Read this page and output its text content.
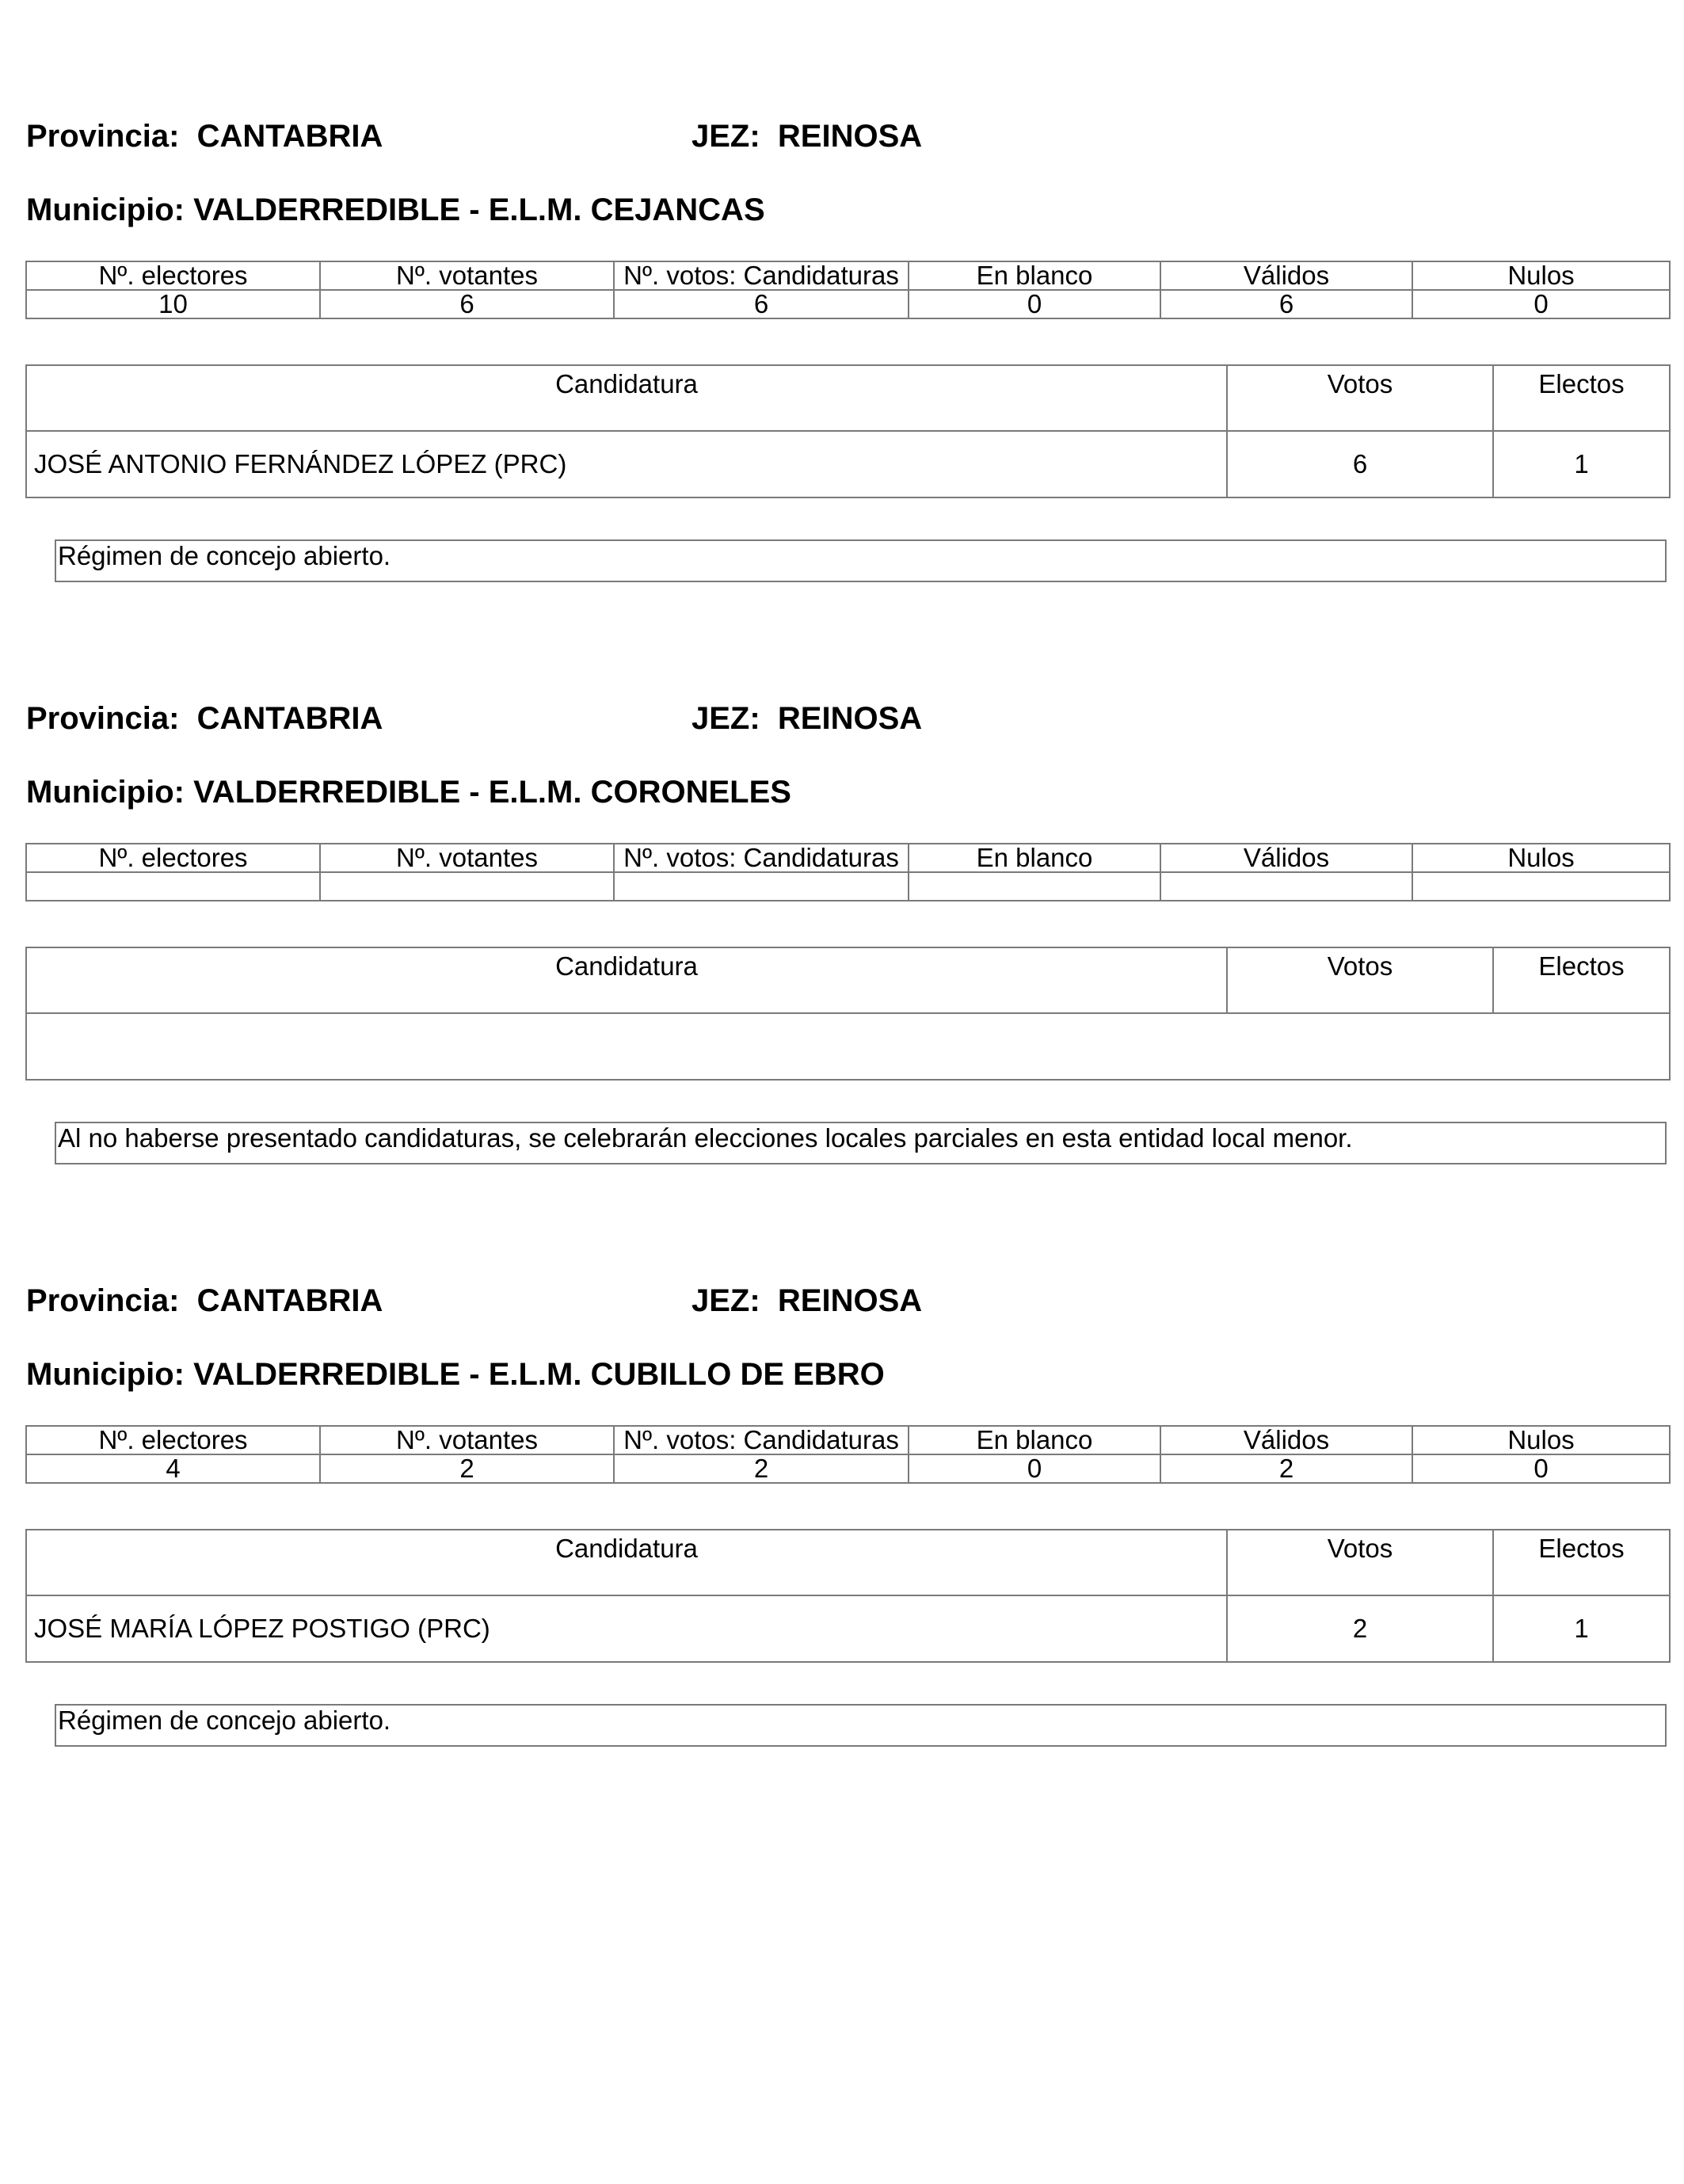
Provincia: CANTABRIA	JEZ: REINOSA
Municipio: VALDERREDIBLE - E.L.M. CEJANCAS
Nº. electores	Nº. votantes	Nº. votos: Candidaturas	En blanco	Válidos	Nulos
10	6	6	0	6	0
Candidatura	Votos	Electos
JOSÉ ANTONIO FERNÁNDEZ LÓPEZ (PRC)	6	1
Régimen de concejo abierto.
Provincia: CANTABRIA	JEZ: REINOSA
Municipio: VALDERREDIBLE - E.L.M. CORONELES
Nº. electores	Nº. votantes	Nº. votos: Candidaturas	En blanco	Válidos	Nulos

Candidatura	Votos	Electos

Al no haberse presentado candidaturas, se celebrarán elecciones locales parciales en esta entidad local menor.
Provincia: CANTABRIA	JEZ: REINOSA
Municipio: VALDERREDIBLE - E.L.M. CUBILLO DE EBRO
Nº. electores	Nº. votantes	Nº. votos: Candidaturas	En blanco	Válidos	Nulos
4	2	2	0	2	0
Candidatura	Votos	Electos
JOSÉ MARÍA LÓPEZ POSTIGO (PRC)	2	1
Régimen de concejo abierto.
